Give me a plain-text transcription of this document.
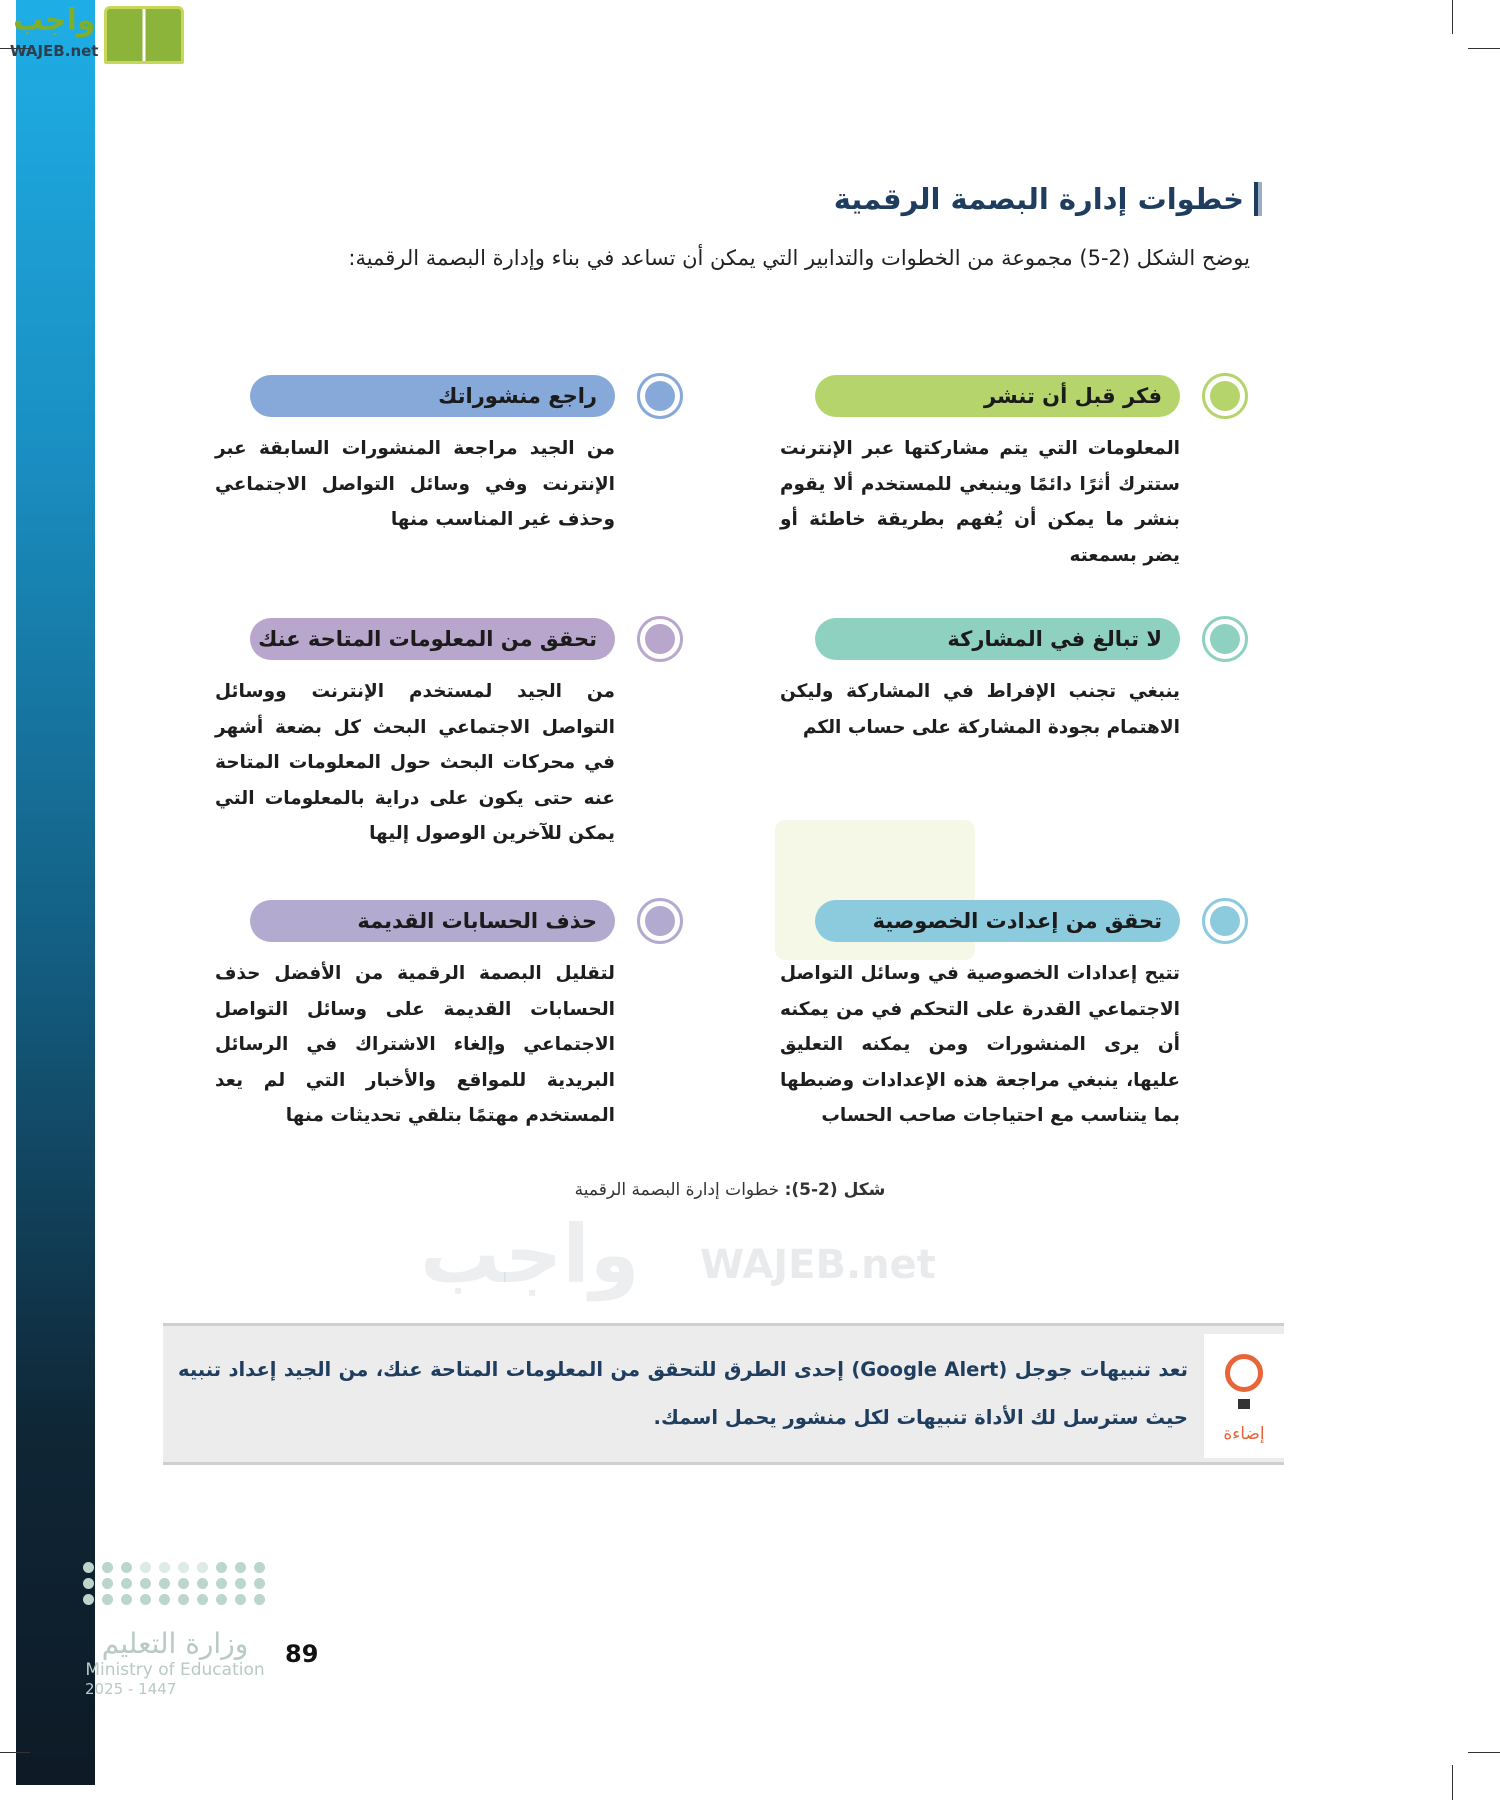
واجب
WAJEB.net
واجب WAJEB.net
خطوات إدارة البصمة الرقمية

يوضح الشكل (2-5) مجموعة من الخطوات والتدابير التي يمكن أن تساعد في بناء وإدارة البصمة الرقمية:

فكر قبل أن تنشر

المعلومات التي يتم مشاركتها عبر الإنترنت ستترك أثرًا دائمًا وينبغي للمستخدم ألا يقوم بنشر ما يمكن أن يُفهم بطريقة خاطئة أو يضر بسمعته

راجع منشوراتك

من الجيد مراجعة المنشورات السابقة عبر الإنترنت وفي وسائل التواصل الاجتماعي وحذف غير المناسب منها

لا تبالغ في المشاركة

ينبغي تجنب الإفراط في المشاركة وليكن الاهتمام بجودة المشاركة على حساب الكم

تحقق من المعلومات المتاحة عنك

من الجيد لمستخدم الإنترنت ووسائل التواصل الاجتماعي البحث كل بضعة أشهر في محركات البحث حول المعلومات المتاحة عنه حتى يكون على دراية بالمعلومات التي يمكن للآخرين الوصول إليها

تحقق من إعدادت الخصوصية

تتيح إعدادات الخصوصية في وسائل التواصل الاجتماعي القدرة على التحكم في من يمكنه أن يرى المنشورات ومن يمكنه التعليق عليها، ينبغي مراجعة هذه الإعدادات وضبطها بما يتناسب مع احتياجات صاحب الحساب

حذف الحسابات القديمة

لتقليل البصمة الرقمية من الأفضل حذف الحسابات القديمة على وسائل التواصل الاجتماعي وإلغاء الاشتراك في الرسائل البريدية للمواقع والأخبار التي لم يعد المستخدم مهتمًا بتلقي تحديثات منها

شكل (2-5): خطوات إدارة البصمة الرقمية
إضاءة

تعد تنبيهات جوجل (Google Alert) إحدى الطرق للتحقق من المعلومات المتاحة عنك، من الجيد إعداد تنبيه حيث سترسل لك الأداة تنبيهات لكل منشور يحمل اسمك.

وزارة التعليم
Ministry of Education
2025 - 1447
89
